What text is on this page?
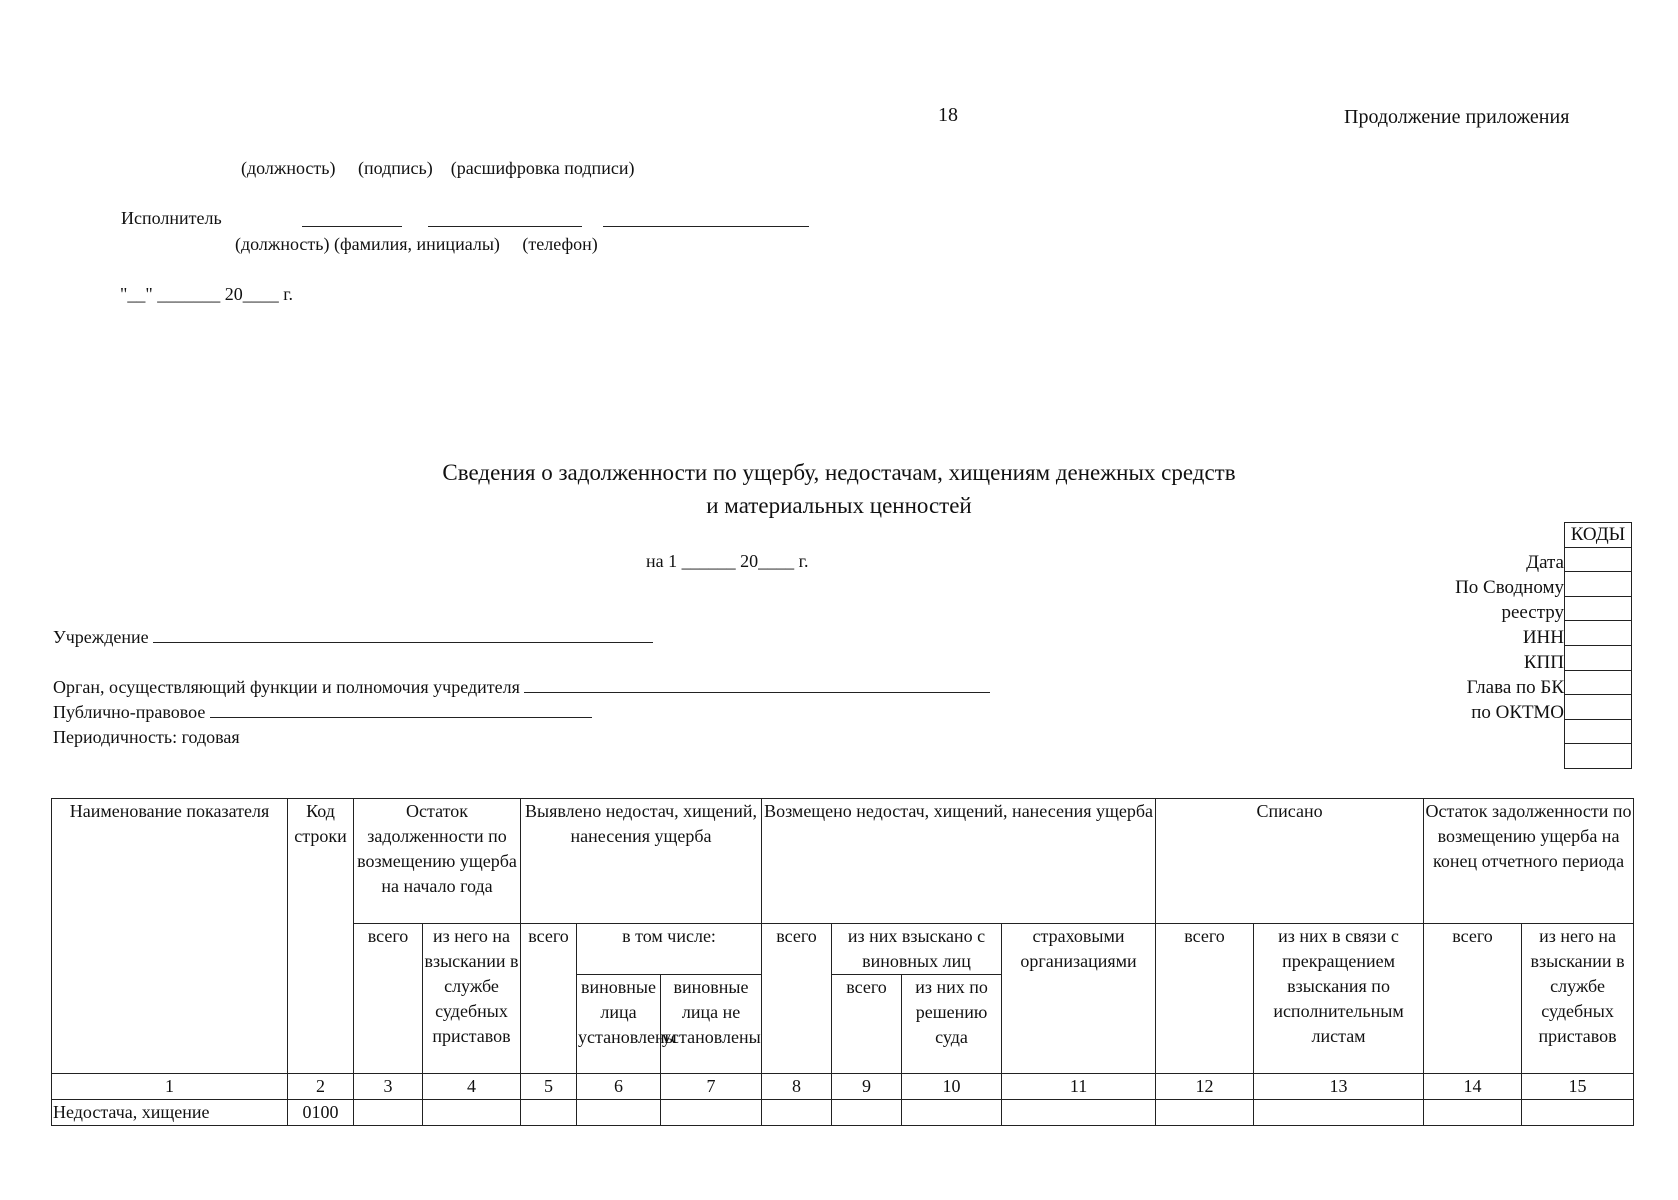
18	Продолжение приложения
(должность)     (подпись)    (расшифровка подписи)
Исполнитель
(должность) (фамилия, инициалы)     (телефон)
"__" _______ 20____ г.
Сведения о задолженности по ущербу, недостачам, хищениям денежных средств
и материальных ценностей
на 1 ______ 20____ г.
Учреждение
Орган, осуществляющий функции и полномочия учредителя
Публично-правовое
Периодичность: годовая
КОДЫ

Дата
По Сводному
реестру
ИНН
КПП
Глава по БК
по ОКТМО
Наименование показателя	Код строки	Остаток задолженности по возмещению ущерба на начало года		Выявлено недостач, хищений, нанесения ущерба			Возмещено недостач, хищений, нанесения ущерба				Списано		Остаток задолженности по возмещению ущерба на конец отчетного периода	
		всего	из него на взыскании в службе судебных приставов	всего	в том числе:		всего	из них взыскано с виновных лиц		страховыми организациями	всего	из них в связи с прекращением взыскания по исполнительным листам	всего	из него на взыскании в службе судебных приставов
					виновные лица установлены	виновные лица не установлены		всего	из них по решению суда					
1	2	3	4	5	6	7	8	9	10	11	12	13	14	15
Недостача, хищение	0100													
